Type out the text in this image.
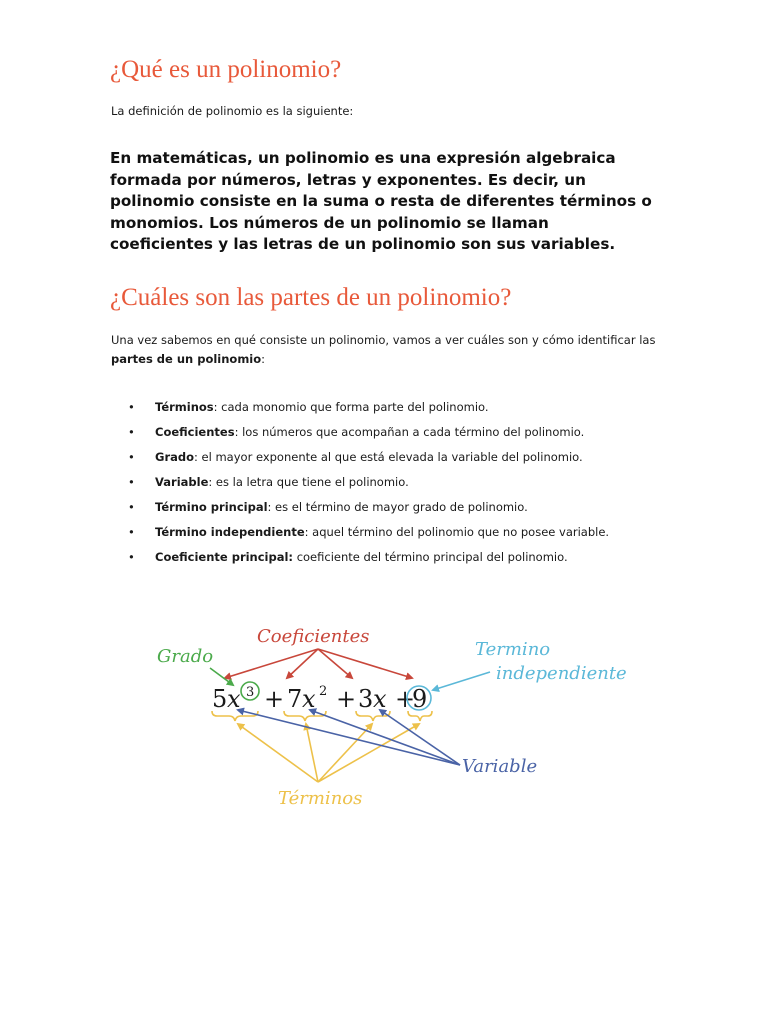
¿Qué es un polinomio?

La definición de polinomio es la siguiente:

En matemáticas, un polinomio es una expresión algebraica formada por números, letras y exponentes. Es decir, un polinomio consiste en la suma o resta de diferentes términos o monomios. Los números de un polinomio se llaman coeficientes y las letras de un polinomio son sus variables.

¿Cuáles son las partes de un polinomio?

Una vez sabemos en qué consiste un polinomio, vamos a ver cuáles son y cómo identificar las partes de un polinomio:

• Términos: cada monomio que forma parte del polinomio.
• Coeficientes: los números que acompañan a cada término del polinomio.
• Grado: el mayor exponente al que está elevada la variable del polinomio.
• Variable: es la letra que tiene el polinomio.
• Término principal: es el término de mayor grado de polinomio.
• Término independiente: aquel término del polinomio que no posee variable.
• Coeficiente principal: coeficiente del término principal del polinomio.
Coeficientes
Grado	Termino
independiente
Variable
Términos
5 x 3 + 7 x 2 + 3 x +
9
